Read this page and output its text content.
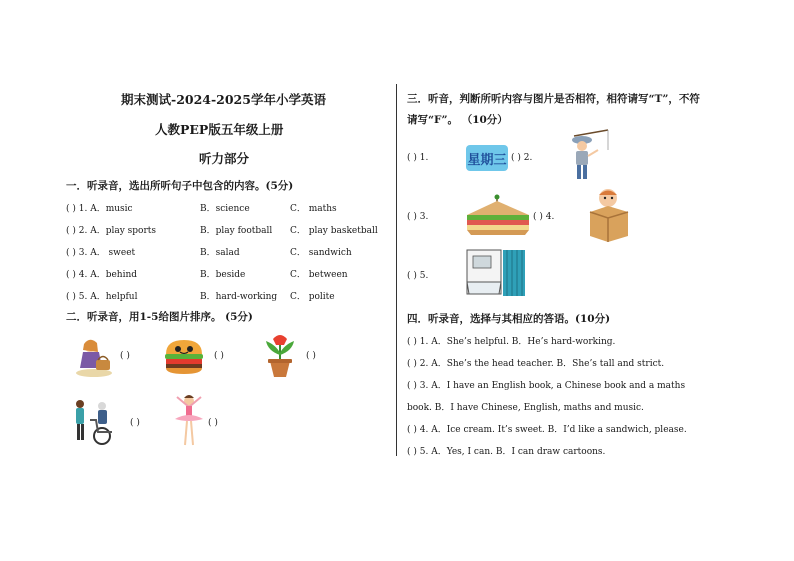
期末测试-2024-2025学年小学英语
人教PEP版五年级上册
听力部分
一．听录音，选出所听句子中包含的内容。(5分)
( ) 1. A．music	B．science	C． maths
( ) 2. A．play sports	B．play football C． play basketball
( ) 3. A． sweet	B．salad	C． sandwich
( ) 4. A．behind	B．beside	C． between
( ) 5. A．helpful	B．hard-working C． polite
二．听录音，用1-5给图片排序。 (5分)
( )	( )	( )
( )	( )
三．听音，判断所听内容与图片是否相符，相符请写“T”，不符
请写“F”。 （10分）
( ) 1.	星期三 ( ) 2.
( ) 3.	( ) 4.
( ) 5.
四．听录音，选择与其相应的答语。(10分)
( ) 1. A．She’s helpful. B．He’s hard-working.
( ) 2. A．She’s the head teacher. B．She’s tall and strict.
( ) 3. A．I have an English book, a Chinese book and a maths
book. B．I have Chinese, English, maths and music.
( ) 4. A．Ice cream. It’s sweet. B．I’d like a sandwich, please.
( ) 5. A．Yes, I can. B．I can draw cartoons.
